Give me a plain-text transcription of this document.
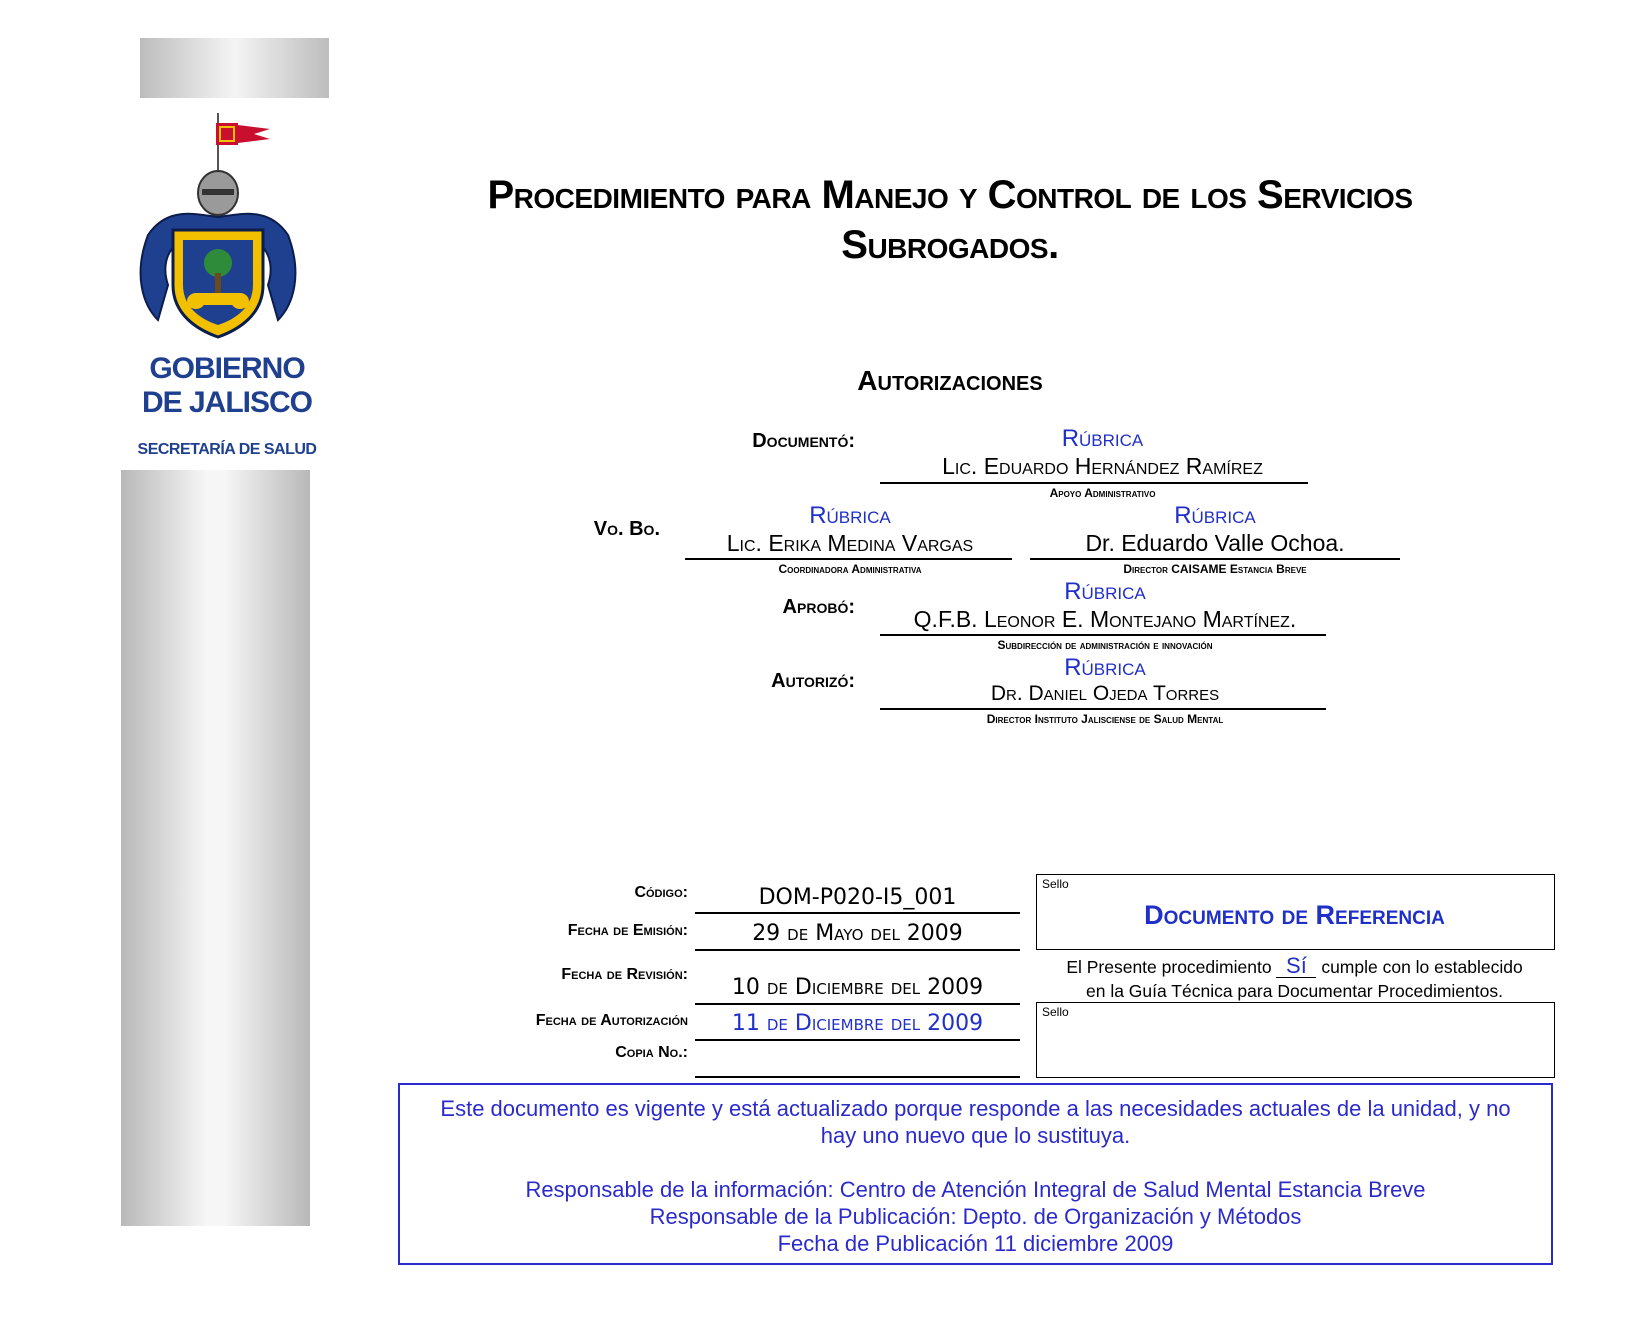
GOBIERNO
DE JALISCO
SECRETARÍA DE SALUD
Procedimiento para Manejo y Control de los Servicios
Subrogados.
Autorizaciones
Documentó:	Rúbrica
Lic. Eduardo Hernández Ramírez
Apoyo Administrativo
Vo. Bo.	Rúbrica
Lic. Erika Medina Vargas
Coordinadora Administrativa
Rúbrica
Dr. Eduardo Valle Ochoa.
Director CAISAME Estancia Breve
Aprobó:
Rúbrica
Q.F.B. Leonor E. Montejano Martínez.
Subdirección de administración e innovación
Autorizó:	Rúbrica
Dr. Daniel Ojeda Torres
Director Instituto Jalisciense de Salud Mental
Código:	DOM-P020-I5_001
Fecha de Emisión:	29 de Mayo del 2009
Fecha de Revisión:
10 de Diciembre del 2009
Fecha de Autorización	11 de Diciembre del 2009
Copia No.:
Sello
Documento de Referencia
El Presente procedimiento Sí cumple con lo establecido
en la Guía Técnica para Documentar Procedimientos.
Sello
Este documento es vigente y está actualizado porque responde a las necesidades actuales de la unidad, y no
hay uno nuevo que lo sustituya.
Responsable de la información: Centro de Atención Integral de Salud Mental Estancia Breve
Responsable de la Publicación: Depto. de Organización y Métodos
Fecha de Publicación 11 diciembre 2009
